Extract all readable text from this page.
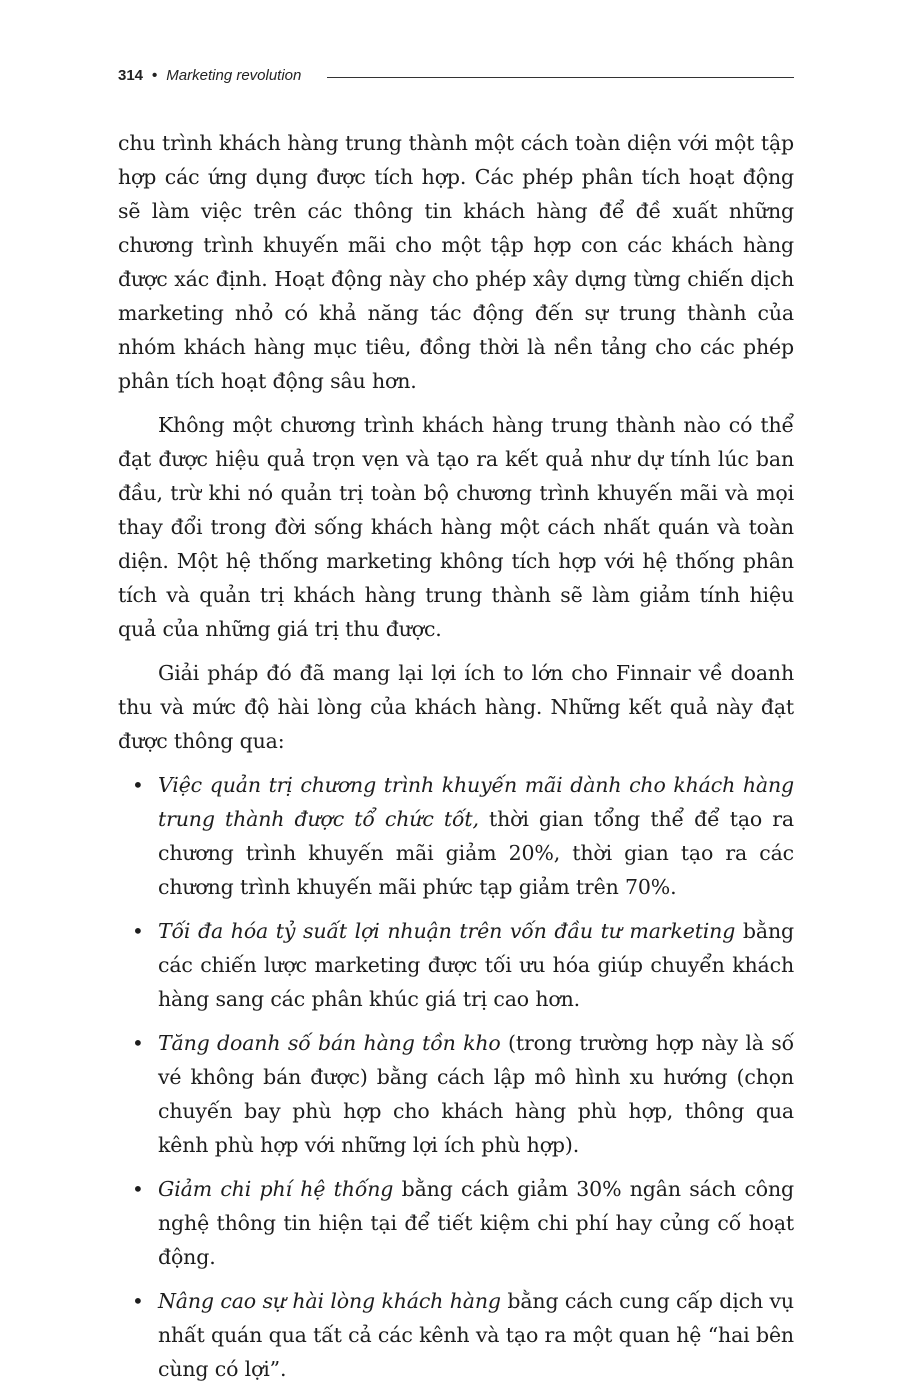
314 • Marketing revolution

chu trình khách hàng trung thành một cách toàn diện với một tập hợp các ứng dụng được tích hợp. Các phép phân tích hoạt động sẽ làm việc trên các thông tin khách hàng để đề xuất những chương trình khuyến mãi cho một tập hợp con các khách hàng được xác định. Hoạt động này cho phép xây dựng từng chiến dịch marketing nhỏ có khả năng tác động đến sự trung thành của nhóm khách hàng mục tiêu, đồng thời là nền tảng cho các phép phân tích hoạt động sâu hơn.

Không một chương trình khách hàng trung thành nào có thể đạt được hiệu quả trọn vẹn và tạo ra kết quả như dự tính lúc ban đầu, trừ khi nó quản trị toàn bộ chương trình khuyến mãi và mọi thay đổi trong đời sống khách hàng một cách nhất quán và toàn diện. Một hệ thống marketing không tích hợp với hệ thống phân tích và quản trị khách hàng trung thành sẽ làm giảm tính hiệu quả của những giá trị thu được.

Giải pháp đó đã mang lại lợi ích to lớn cho Finnair về doanh thu và mức độ hài lòng của khách hàng. Những kết quả này đạt được thông qua:

• Việc quản trị chương trình khuyến mãi dành cho khách hàng trung thành được tổ chức tốt, thời gian tổng thể để tạo ra chương trình khuyến mãi giảm 20%, thời gian tạo ra các chương trình khuyến mãi phức tạp giảm trên 70%.
• Tối đa hóa tỷ suất lợi nhuận trên vốn đầu tư marketing bằng các chiến lược marketing được tối ưu hóa giúp chuyển khách hàng sang các phân khúc giá trị cao hơn.
• Tăng doanh số bán hàng tồn kho (trong trường hợp này là số vé không bán được) bằng cách lập mô hình xu hướng (chọn chuyến bay phù hợp cho khách hàng phù hợp, thông qua kênh phù hợp với những lợi ích phù hợp).
• Giảm chi phí hệ thống bằng cách giảm 30% ngân sách công nghệ thông tin hiện tại để tiết kiệm chi phí hay củng cố hoạt động.
• Nâng cao sự hài lòng khách hàng bằng cách cung cấp dịch vụ nhất quán qua tất cả các kênh và tạo ra một quan hệ “hai bên cùng có lợi”.
